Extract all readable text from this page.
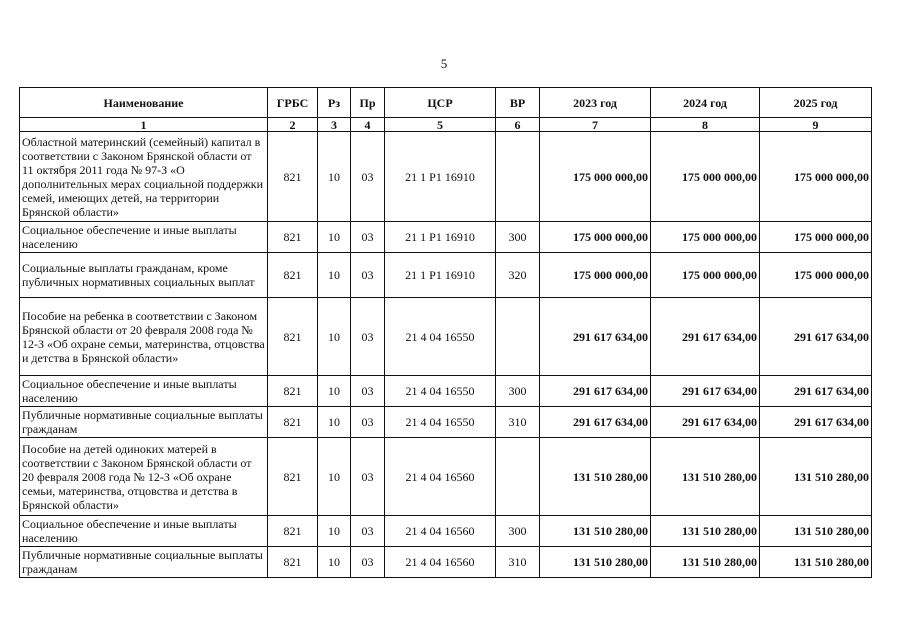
5
Наименование	ГРБС	Рз	Пр	ЦСР	ВР	2023 год	2024 год	2025 год
1	2	3	4	5	6	7	8	9
Областной материнский (семейный) капитал в соответствии с Законом Брянской области от 11 октября 2011 года № 97-З «О дополнительных мерах социальной поддержки семей, имеющих детей, на территории Брянской области»	821	10	03	21 1 Р1 16910		175 000 000,00	175 000 000,00	175 000 000,00
Социальное обеспечение и иные выплаты населению	821	10	03	21 1 Р1 16910	300	175 000 000,00	175 000 000,00	175 000 000,00
Социальные выплаты гражданам, кроме публичных нормативных социальных выплат	821	10	03	21 1 Р1 16910	320	175 000 000,00	175 000 000,00	175 000 000,00
Пособие на ребенка в соответствии с Законом Брянской области от 20 февраля 2008 года № 12-З «Об охране семьи, материнства, отцовства и детства в Брянской области»	821	10	03	21 4 04 16550		291 617 634,00	291 617 634,00	291 617 634,00
Социальное обеспечение и иные выплаты населению	821	10	03	21 4 04 16550	300	291 617 634,00	291 617 634,00	291 617 634,00
Публичные нормативные социальные выплаты гражданам	821	10	03	21 4 04 16550	310	291 617 634,00	291 617 634,00	291 617 634,00
Пособие на детей одиноких матерей в соответствии с Законом Брянской области от 20 февраля 2008 года № 12-З «Об охране семьи, материнства, отцовства и детства в Брянской области»	821	10	03	21 4 04 16560		131 510 280,00	131 510 280,00	131 510 280,00
Социальное обеспечение и иные выплаты населению	821	10	03	21 4 04 16560	300	131 510 280,00	131 510 280,00	131 510 280,00
Публичные нормативные социальные выплаты гражданам	821	10	03	21 4 04 16560	310	131 510 280,00	131 510 280,00	131 510 280,00
